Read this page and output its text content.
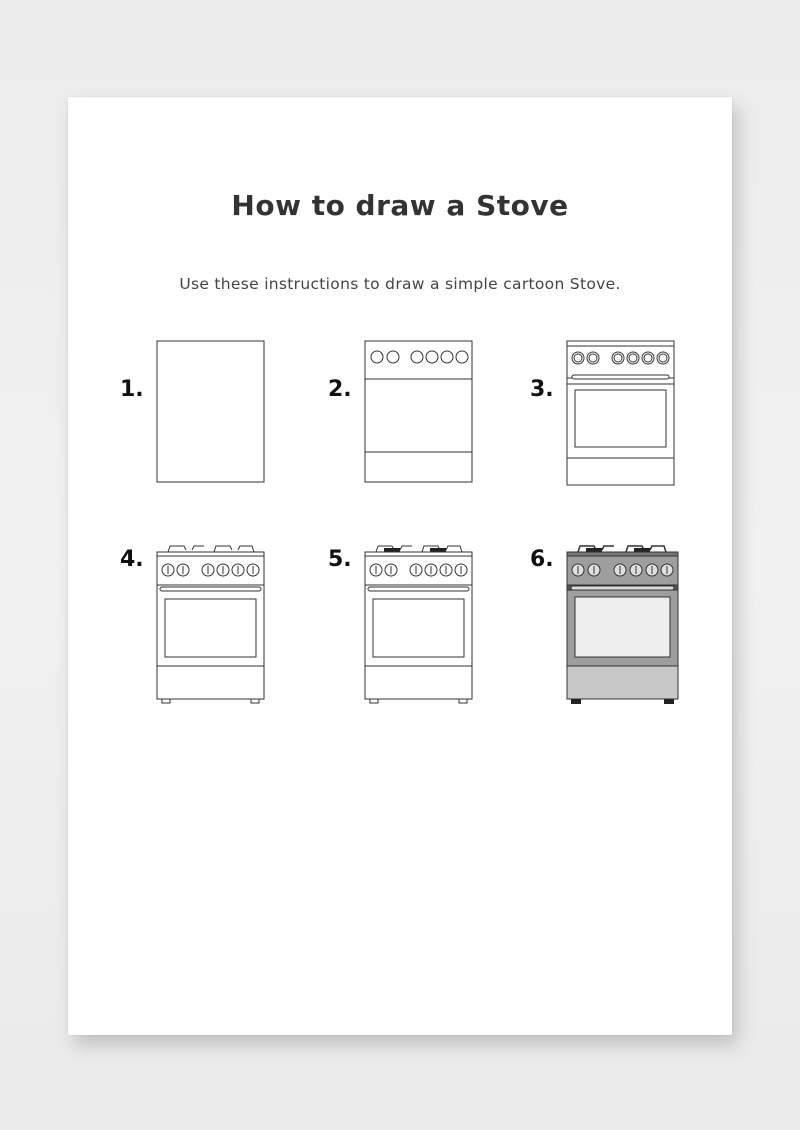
How to draw a Stove

Use these instructions to draw a simple cartoon Stove.

1.	2.	3.
4.	5.	6.
